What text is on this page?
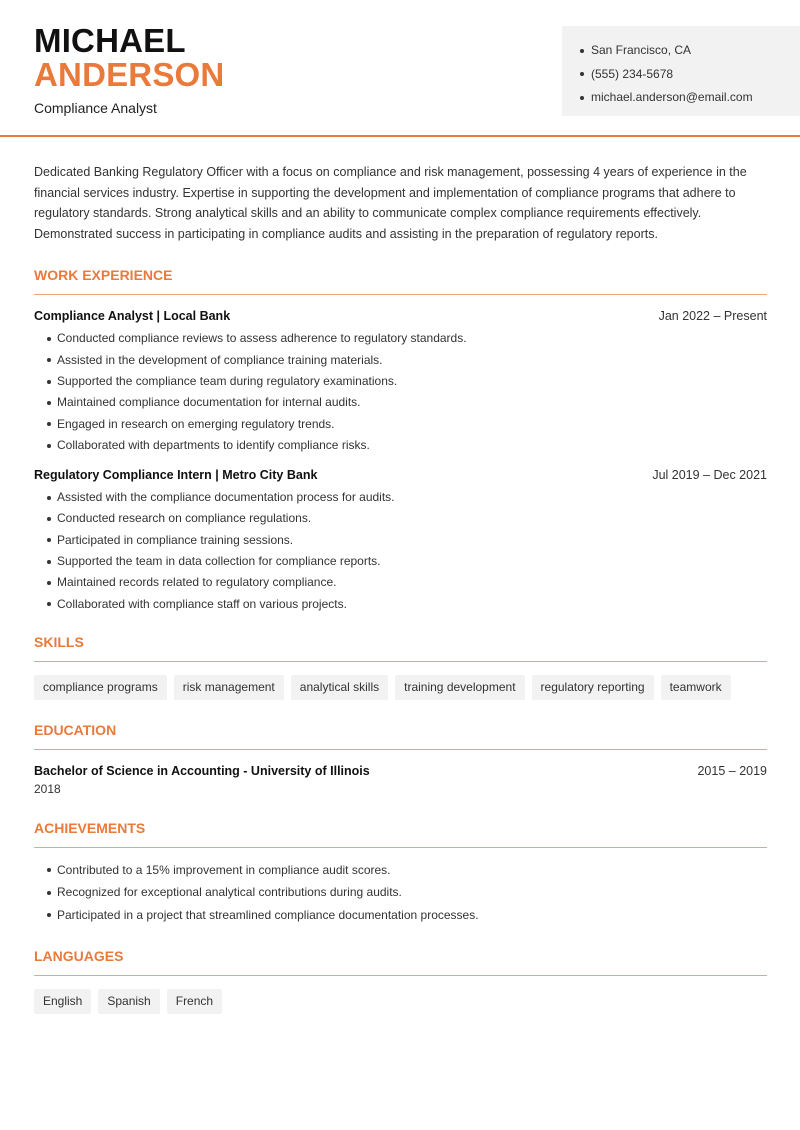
MICHAEL
ANDERSON
Compliance Analyst
San Francisco, CA
(555) 234-5678
michael.anderson@email.com

Dedicated Banking Regulatory Officer with a focus on compliance and risk management, possessing 4 years of experience in the financial services industry. Expertise in supporting the development and implementation of compliance programs that adhere to regulatory standards. Strong analytical skills and an ability to communicate complex compliance requirements effectively. Demonstrated success in participating in compliance audits and assisting in the preparation of regulatory reports.

WORK EXPERIENCE
Compliance Analyst | Local Bank	Jan 2022 – Present
Conducted compliance reviews to assess adherence to regulatory standards.
Assisted in the development of compliance training materials.
Supported the compliance team during regulatory examinations.
Maintained compliance documentation for internal audits.
Engaged in research on emerging regulatory trends.
Collaborated with departments to identify compliance risks.
Regulatory Compliance Intern | Metro City Bank	Jul 2019 – Dec 2021
Assisted with the compliance documentation process for audits.
Conducted research on compliance regulations.
Participated in compliance training sessions.
Supported the team in data collection for compliance reports.
Maintained records related to regulatory compliance.
Collaborated with compliance staff on various projects.
SKILLS
compliance programs	risk management	analytical skills	training development	regulatory reporting	teamwork
EDUCATION
Bachelor of Science in Accounting - University of Illinois	2015 – 2019
2018
ACHIEVEMENTS
Contributed to a 15% improvement in compliance audit scores.
Recognized for exceptional analytical contributions during audits.
Participated in a project that streamlined compliance documentation processes.
LANGUAGES
English	Spanish	French
